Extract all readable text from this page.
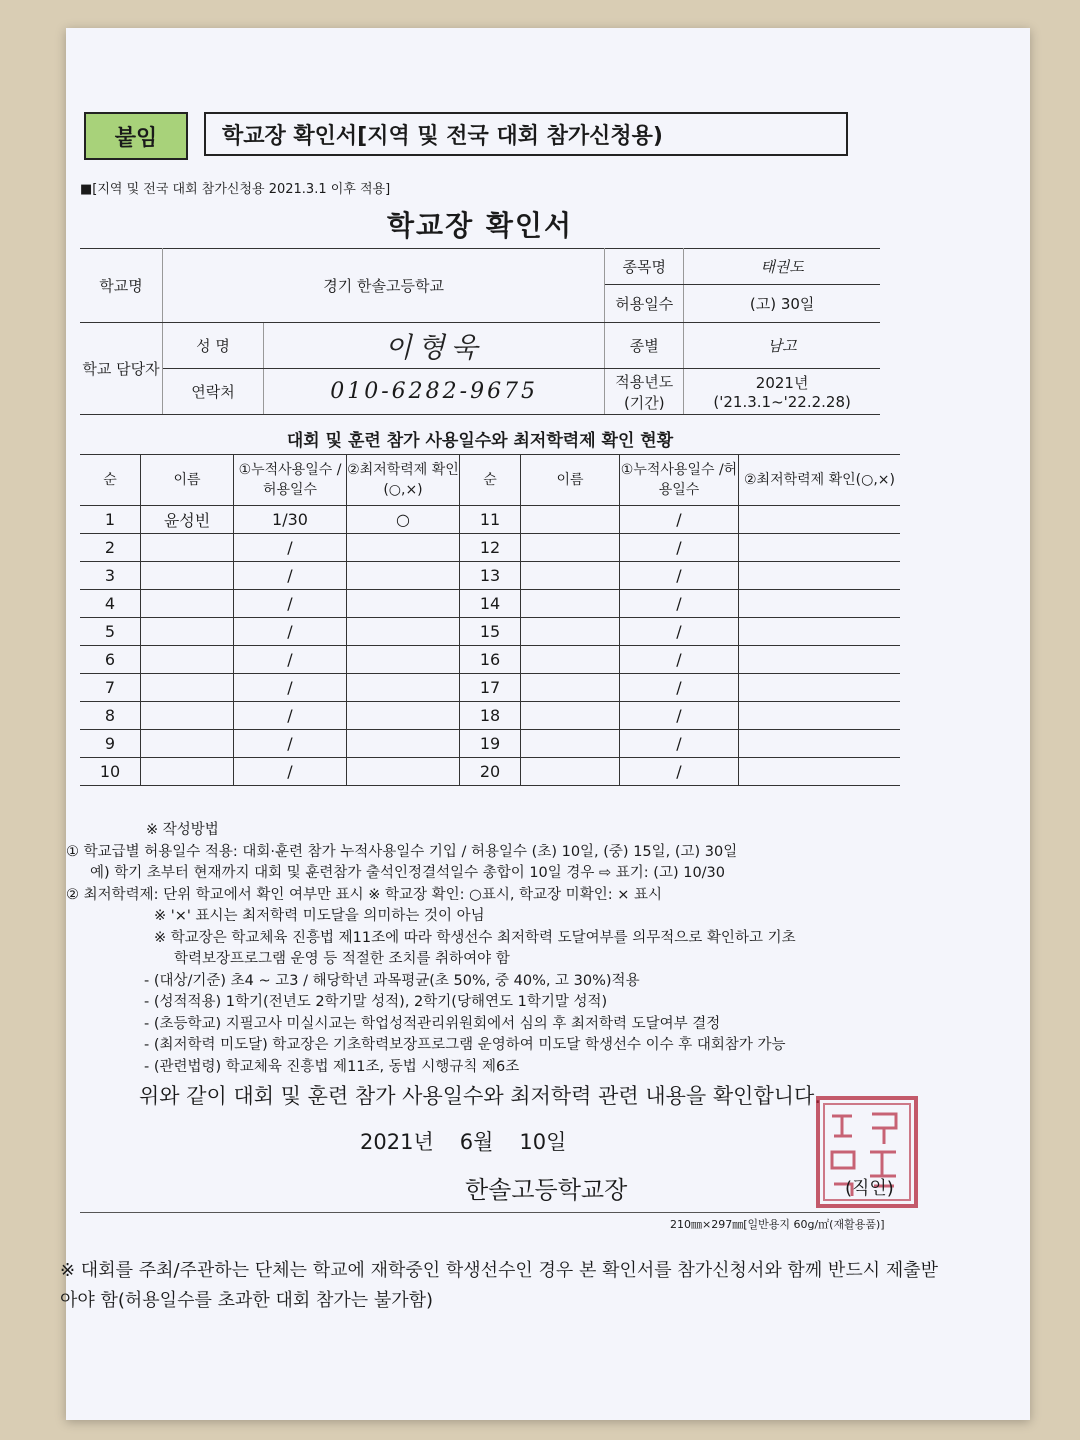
붙임	학교장 확인서[지역 및 전국 대회 참가신청용)
■[지역 및 전국 대회 참가신청용 2021.3.1 이후 적용]
학교장 확인서
학교명	경기 한솔고등학교		종목명	태권도
			허용일수	(고) 30일
학교 담당자	성 명	이형욱	종별	남고
	연락처	010-6282-9675	적용년도 (기간)	2021년
('21.3.1~'22.2.28)
대회 및 훈련 참가 사용일수와 최저학력제 확인 현황
순	이름	①누적사용일수 /허용일수	②최저학력제 확인(○,×)	순	이름	①누적사용일수 /허용일수	②최저학력제 확인(○,×)
1	윤성빈	1/30	○	11		/	
2		/		12		/	
3		/		13		/	
4		/		14		/	
5		/		15		/	
6		/		16		/	
7		/		17		/	
8		/		18		/	
9		/		19		/	
10		/		20		/	
※ 작성방법
① 학교급별 허용일수 적용: 대회·훈련 참가 누적사용일수 기입 / 허용일수 (초) 10일, (중) 15일, (고) 30일
예) 학기 초부터 현재까지 대회 및 훈련참가 출석인정결석일수 총합이 10일 경우 ⇨ 표기: (고) 10/30
② 최저학력제: 단위 학교에서 확인 여부만 표시 ※ 학교장 확인: ○표시, 학교장 미확인: × 표시
※ '×' 표시는 최저학력 미도달을 의미하는 것이 아님
※ 학교장은 학교체육 진흥법 제11조에 따라 학생선수 최저학력 도달여부를 의무적으로 확인하고 기초
학력보장프로그램 운영 등 적절한 조치를 취하여야 함
- (대상/기준) 초4 ~ 고3 / 해당학년 과목평균(초 50%, 중 40%, 고 30%)적용
- (성적적용) 1학기(전년도 2학기말 성적), 2학기(당해연도 1학기말 성적)
- (초등학교) 지필고사 미실시교는 학업성적관리위원회에서 심의 후 최저학력 도달여부 결정
- (최저학력 미도달) 학교장은 기초학력보장프로그램 운영하여 미도달 학생선수 이수 후 대회참가 가능
- (관련법령) 학교체육 진흥법 제11조, 동법 시행규칙 제6조
위와 같이 대회 및 훈련 참가 사용일수와 최저학력 관련 내용을 확인합니다.
2021년 6월 10일
한솔고등학교장	(직인)
210㎜×297㎜[일반용지 60g/㎡(재활용품)]
※ 대회를 주최/주관하는 단체는 학교에 재학중인 학생선수인 경우 본 확인서를 참가신청서와 함께 반드시 제출받아야 함(허용일수를 초과한 대회 참가는 불가함)
